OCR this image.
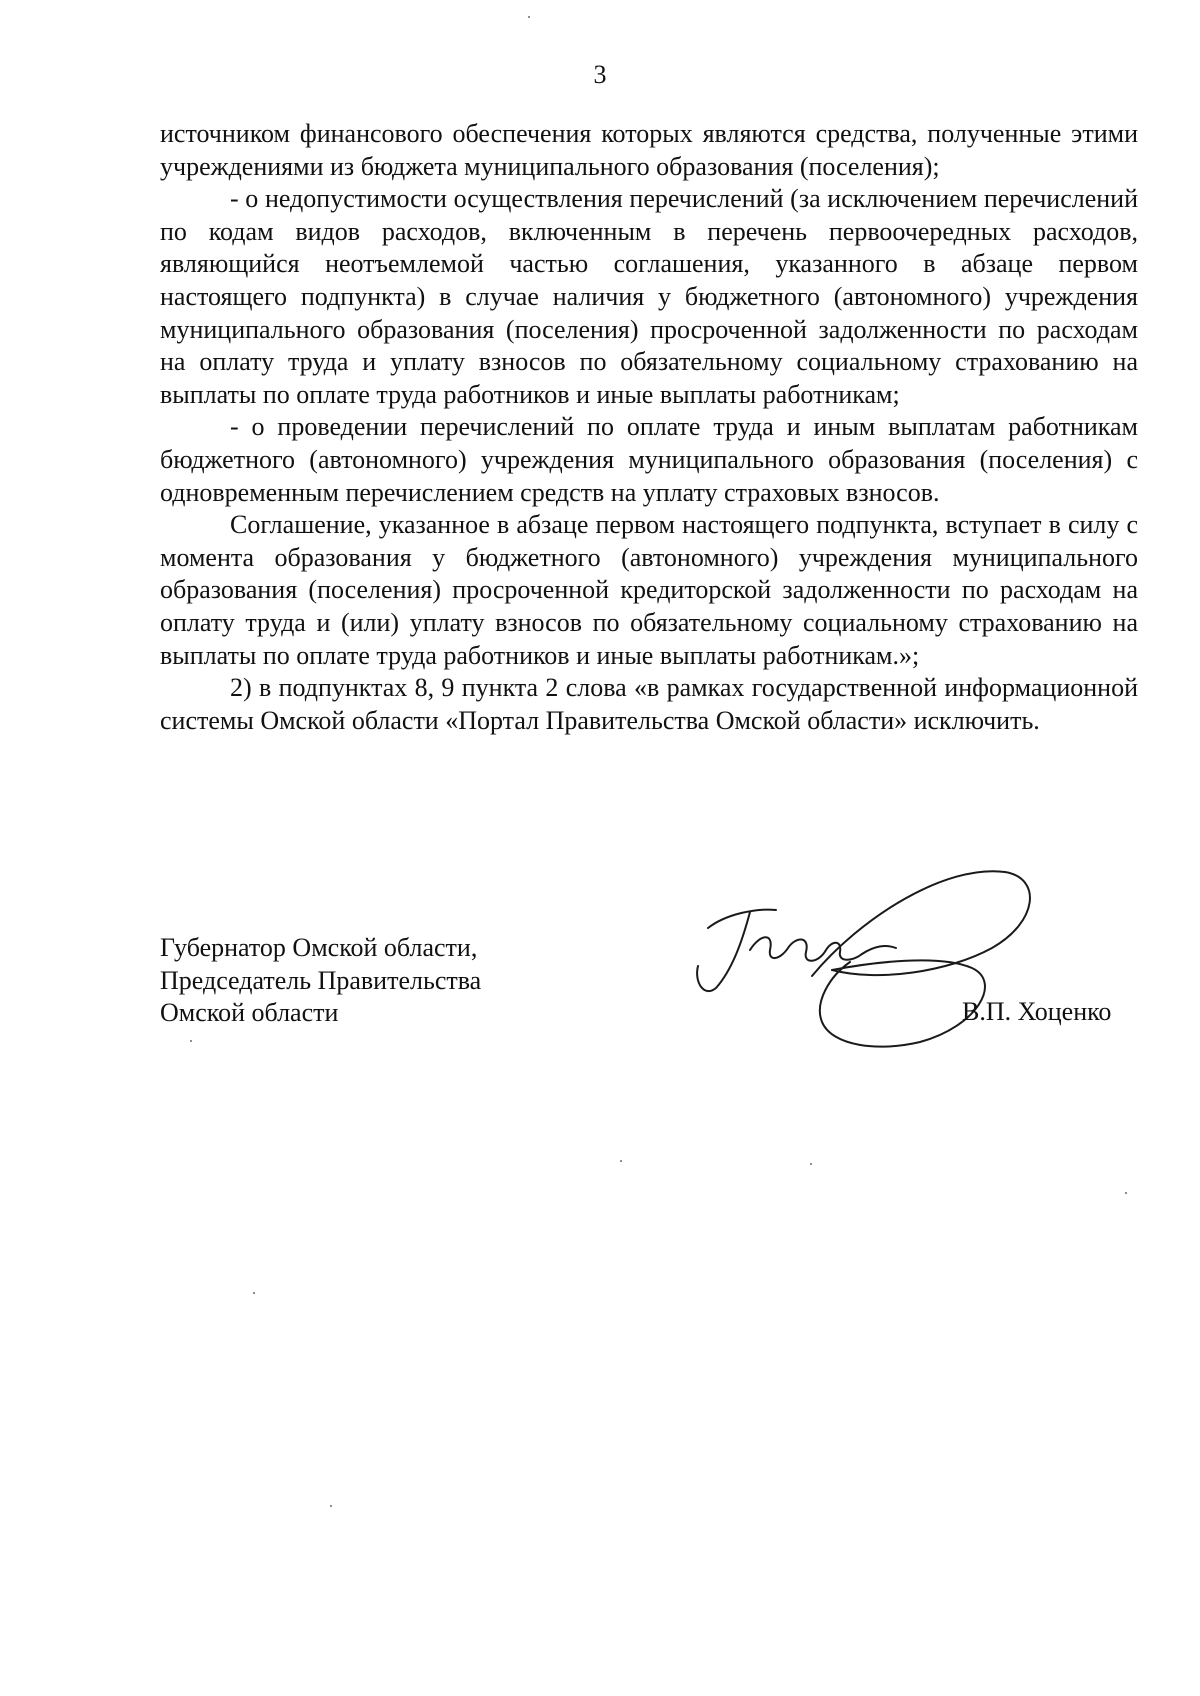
3

источником финансового обеспечения которых являются средства, полученные этими учреждениями из бюджета муниципального образования (поселения);

- о недопустимости осуществления перечислений (за исключением перечислений по кодам видов расходов, включенным в перечень первоочередных расходов, являющийся неотъемлемой частью соглашения, указанного в абзаце первом настоящего подпункта) в случае наличия у бюджетного (автономного) учреждения муниципального образования (поселения) просроченной задолженности по расходам на оплату труда и уплату взносов по обязательному социальному страхованию на выплаты по оплате труда работников и иные выплаты работникам;

- о проведении перечислений по оплате труда и иным выплатам работникам бюджетного (автономного) учреждения муниципального образования (поселения) с одновременным перечислением средств на уплату страховых взносов.

Соглашение, указанное в абзаце первом настоящего подпункта, вступает в силу с момента образования у бюджетного (автономного) учреждения муниципального образования (поселения) просроченной кредиторской задолженности по расходам на оплату труда и (или) уплату взносов по обязательному социальному страхованию на выплаты по оплате труда работников и иные выплаты работникам.»;

2) в подпунктах 8, 9 пункта 2 слова «в рамках государственной информационной системы Омской области «Портал Правительства Омской области» исключить.

Губернатор Омской области,
Председатель Правительства
Омской области	В.П. Хоценко
